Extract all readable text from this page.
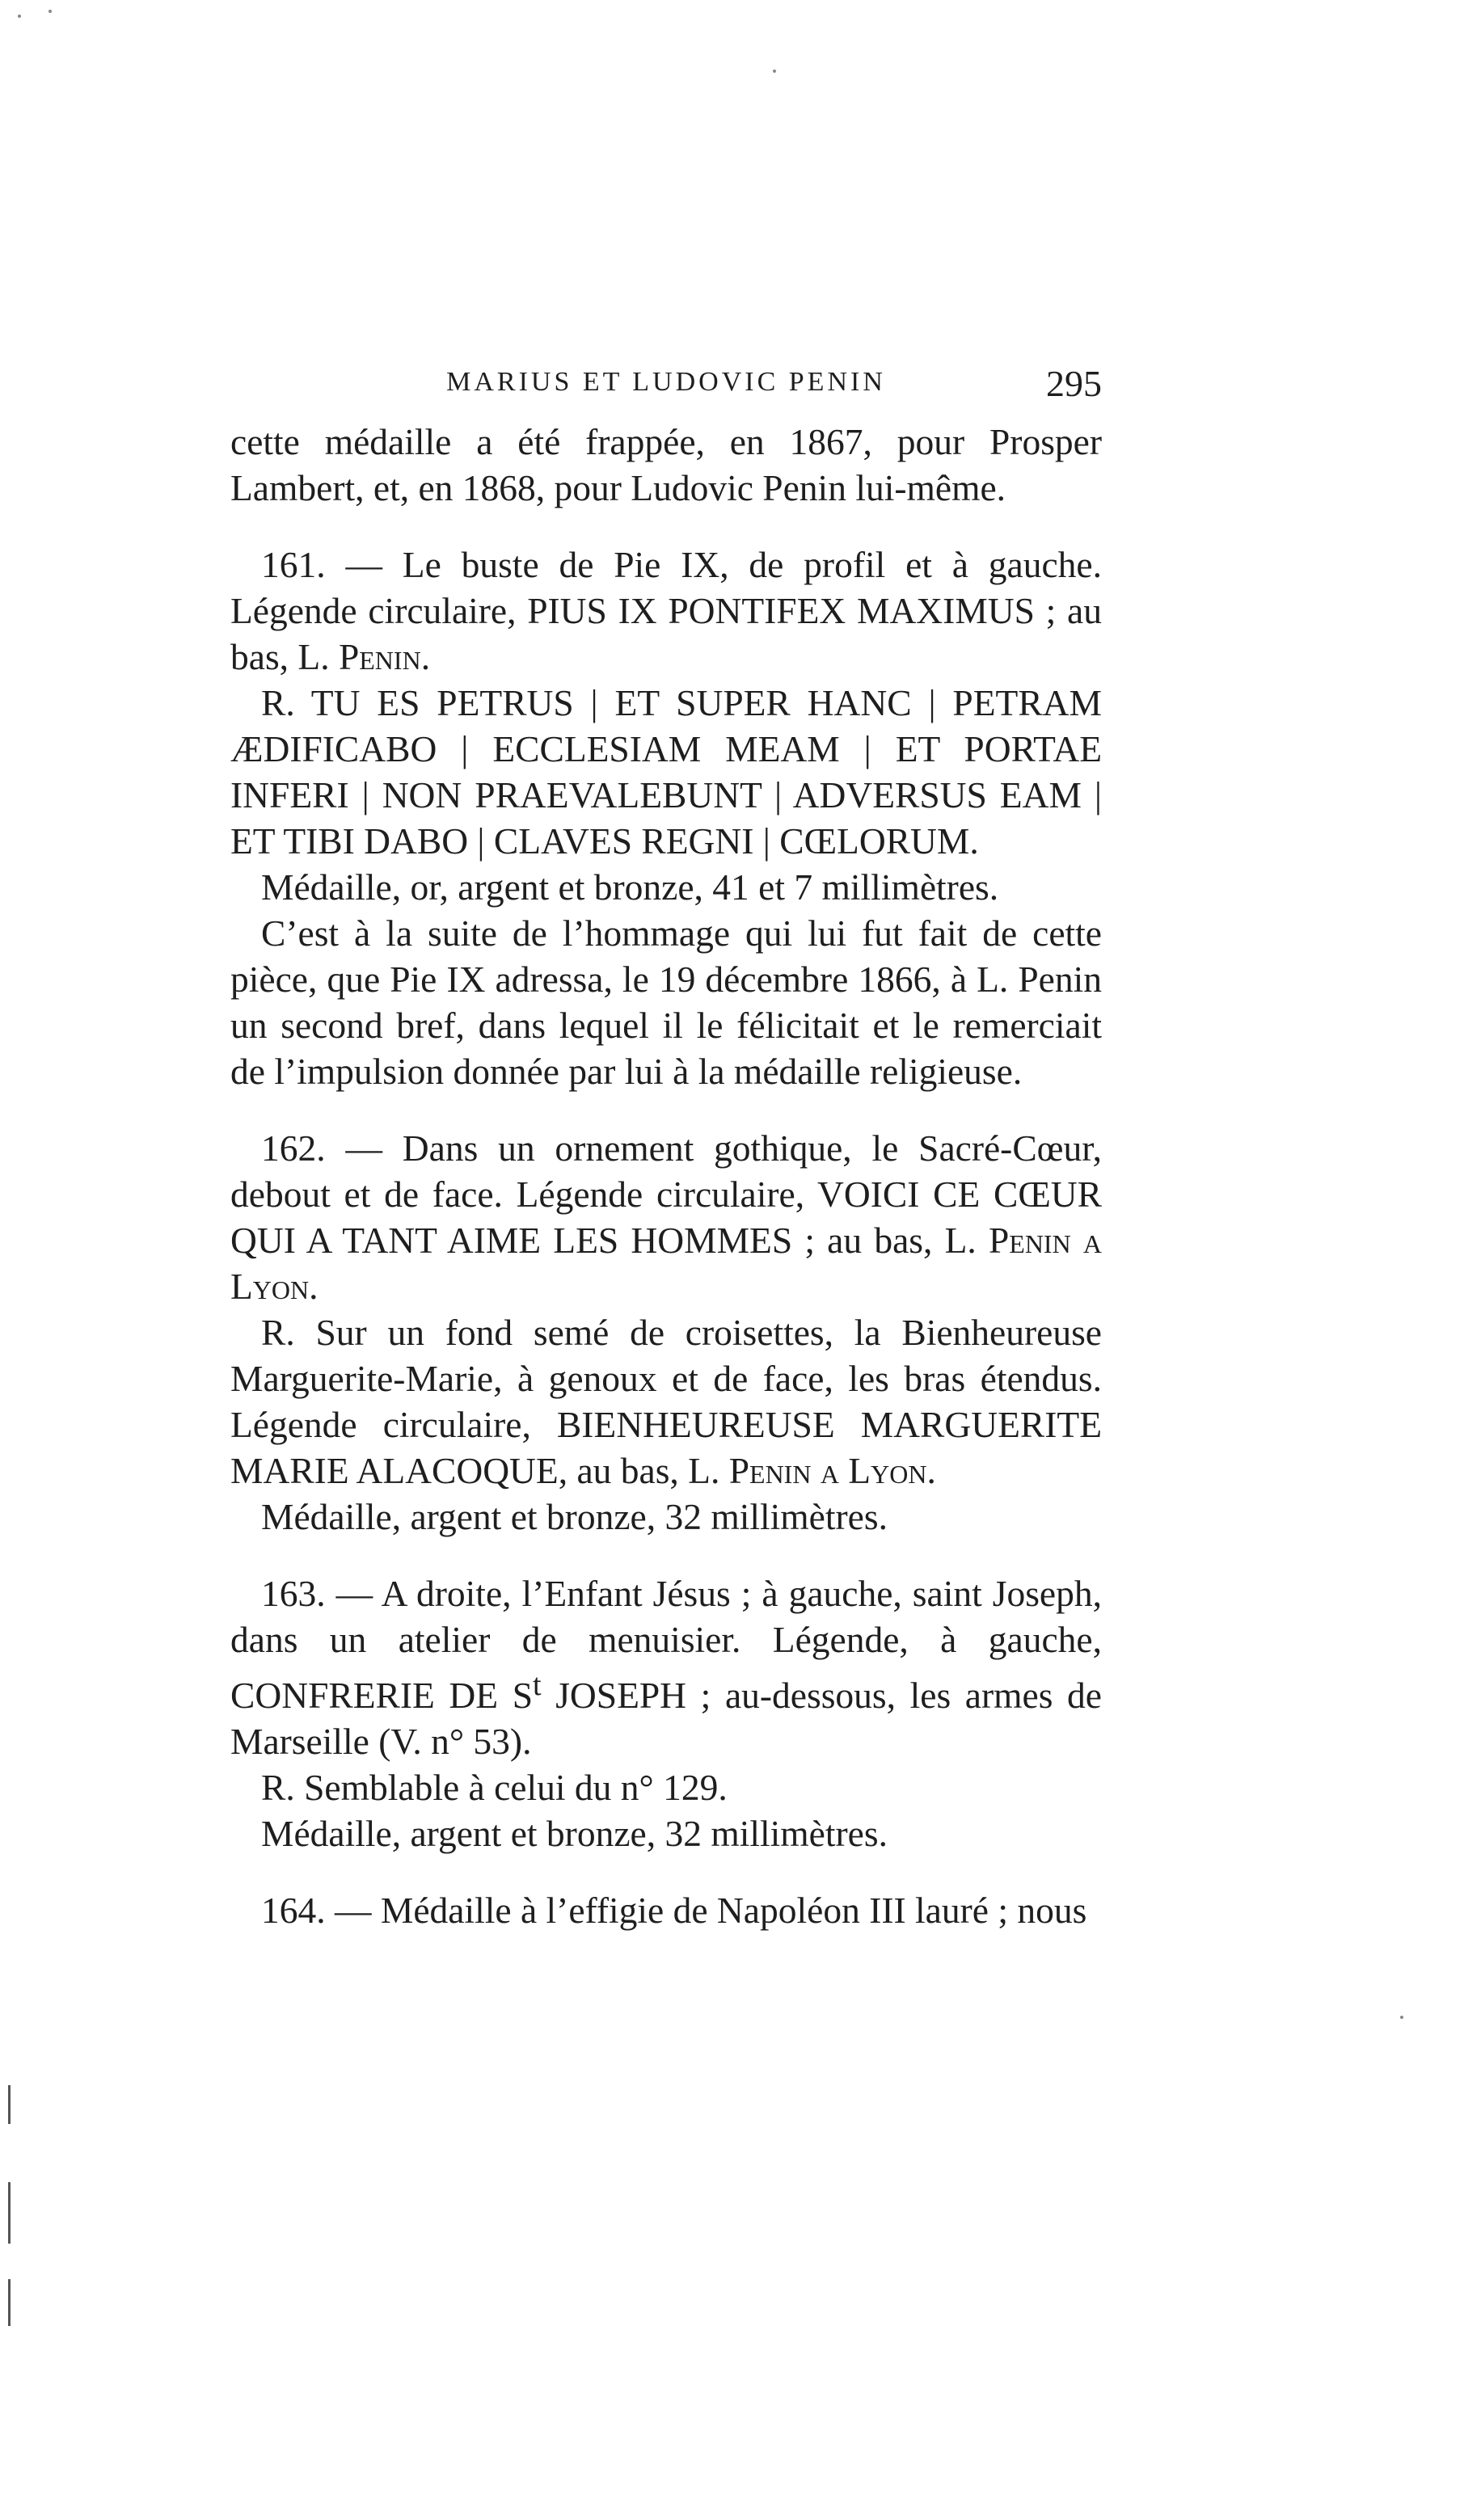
MARIUS ET LUDOVIC PENIN	295

cette médaille a été frappée, en 1867, pour Prosper Lambert, et, en 1868, pour Ludovic Penin lui-même.

161. — Le buste de Pie IX, de profil et à gauche. Légende circulaire, PIUS IX PONTIFEX MAXIMUS ; au bas, L. Penin.

R. TU ES PETRUS | ET SUPER HANC | PETRAM ÆDIFICABO | ECCLESIAM MEAM | ET PORTAE INFERI | NON PRAEVALEBUNT | ADVERSUS EAM | ET TIBI DABO | CLAVES REGNI | CŒLORUM.

Médaille, or, argent et bronze, 41 et 7 millimètres.

C’est à la suite de l’hommage qui lui fut fait de cette pièce, que Pie IX adressa, le 19 décembre 1866, à L. Penin un second bref, dans lequel il le félicitait et le remerciait de l’impulsion donnée par lui à la médaille religieuse.

162. — Dans un ornement gothique, le Sacré-Cœur, debout et de face. Légende circulaire, VOICI CE CŒUR QUI A TANT AIME LES HOMMES ; au bas, L. Penin a Lyon.

R. Sur un fond semé de croisettes, la Bienheureuse Marguerite-Marie, à genoux et de face, les bras étendus. Légende circulaire, BIENHEUREUSE MARGUERITE MARIE ALACOQUE, au bas, L. Penin a Lyon.

Médaille, argent et bronze, 32 millimètres.

163. — A droite, l’Enfant Jésus ; à gauche, saint Joseph, dans un atelier de menuisier. Légende, à gauche, CONFRERIE DE $S^t$ JOSEPH ; au-dessous, les armes de Marseille (V. n° 53).

R. Semblable à celui du n° 129.

Médaille, argent et bronze, 32 millimètres.

164. — Médaille à l’effigie de Napoléon III lauré ; nous
